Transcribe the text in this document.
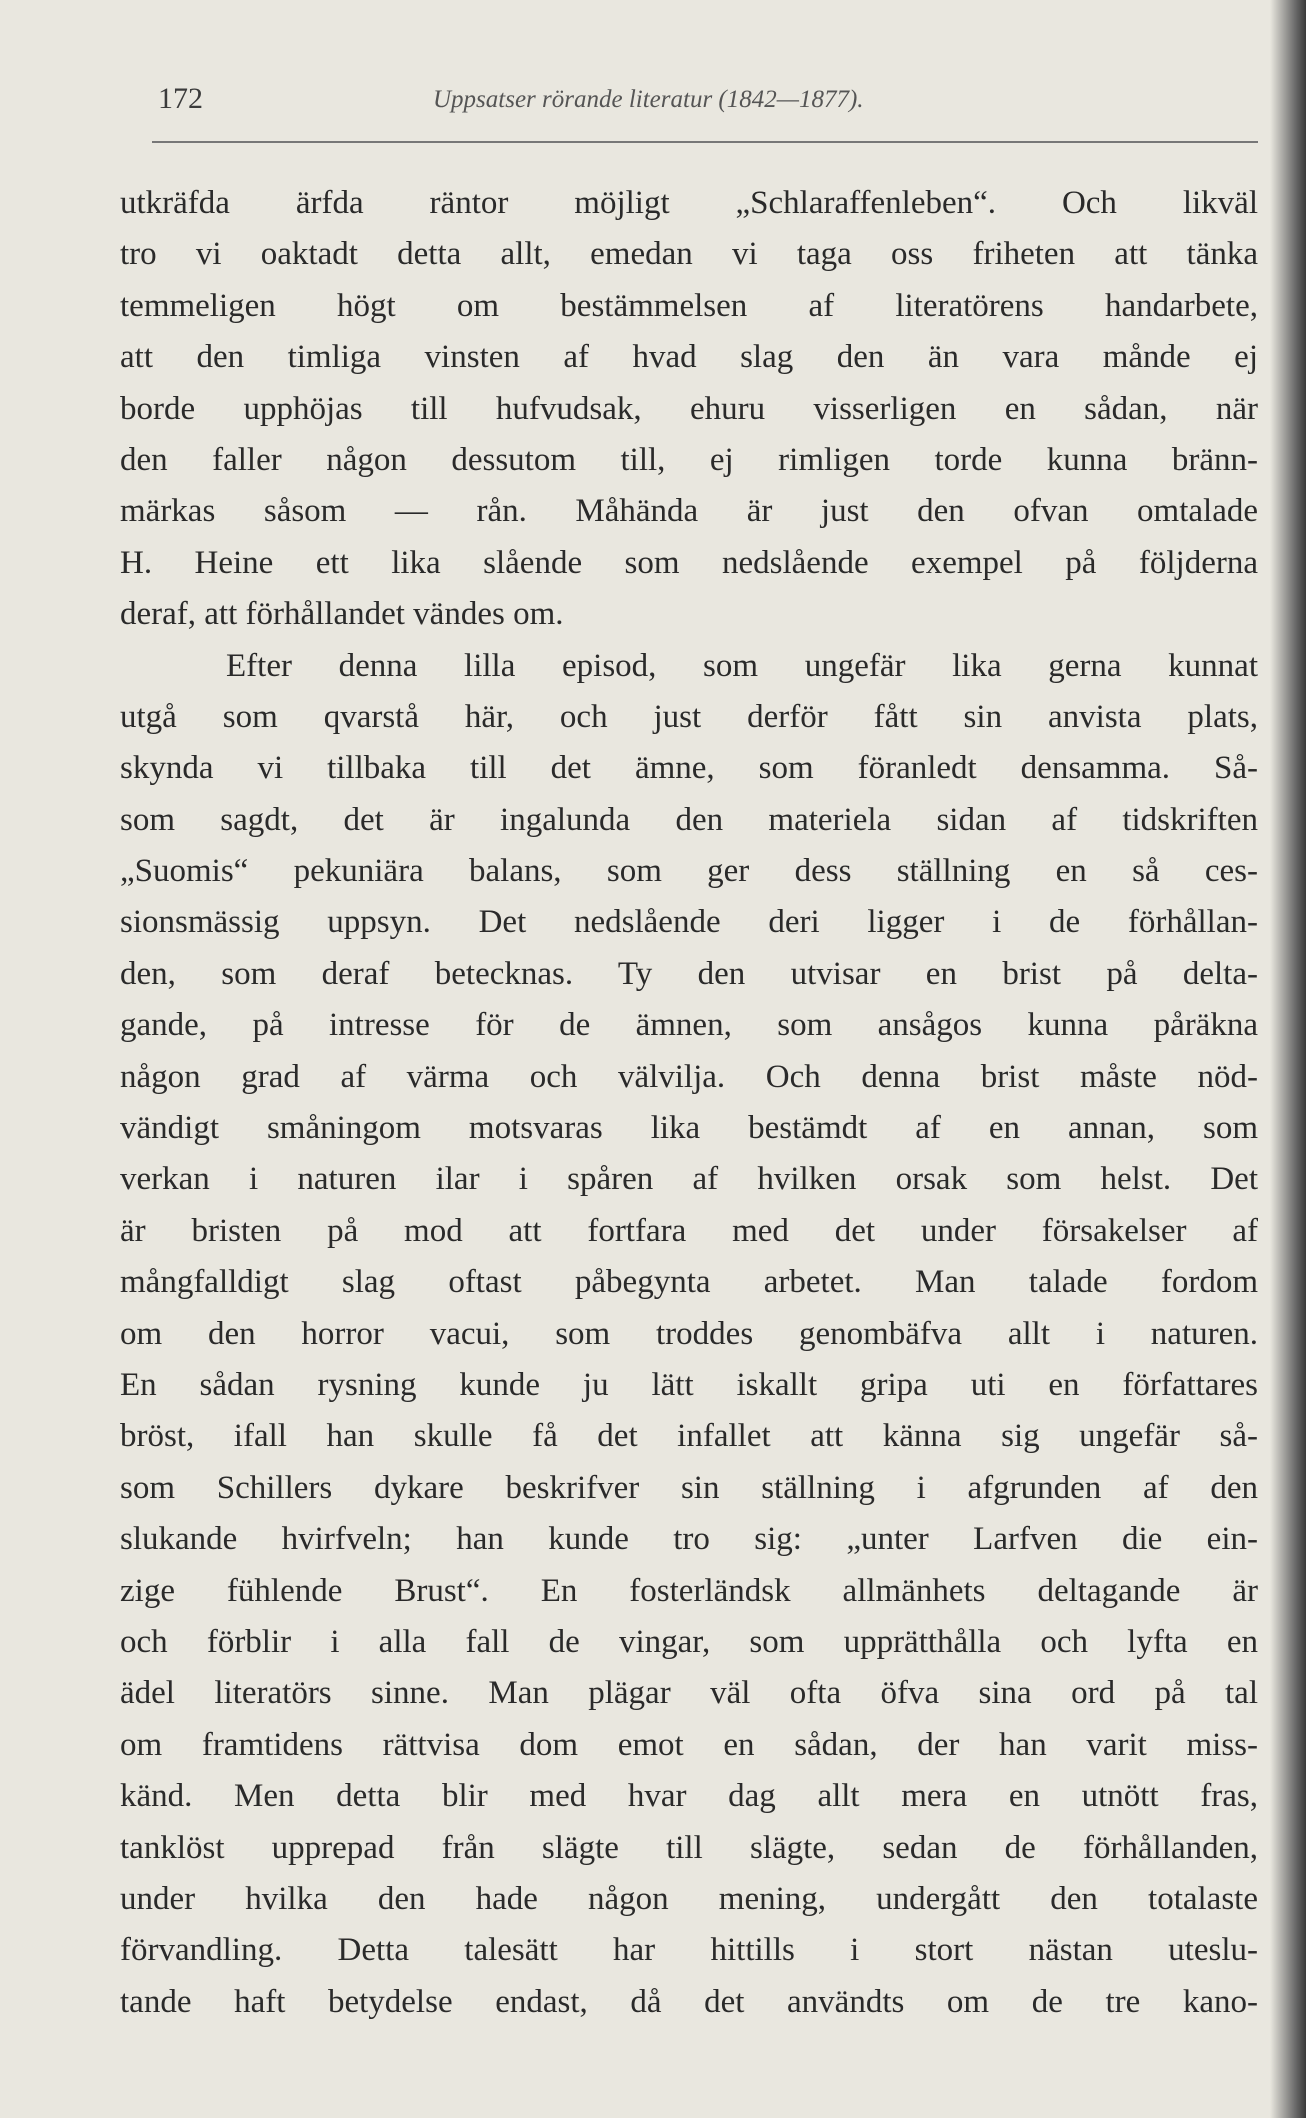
172	Uppsatser rörande literatur (1842—1877).
utkräfda ärfda räntor möjligt „Schlaraffenleben“. Och likväl
tro vi oaktadt detta allt, emedan vi taga oss friheten att tänka
temmeligen högt om bestämmelsen af literatörens handarbete,
att den timliga vinsten af hvad slag den än vara månde ej
borde upphöjas till hufvudsak, ehuru visserligen en sådan, när
den faller någon dessutom till, ej rimligen torde kunna bränn-
märkas såsom — rån. Måhända är just den ofvan omtalade
H. Heine ett lika slående som nedslående exempel på följderna
deraf, att förhållandet vändes om.
Efter denna lilla episod, som ungefär lika gerna kunnat
utgå som qvarstå här, och just derför fått sin anvista plats,
skynda vi tillbaka till det ämne, som föranledt densamma. Så-
som sagdt, det är ingalunda den materiela sidan af tidskriften
„Suomis“ pekuniära balans, som ger dess ställning en så ces-
sionsmässig uppsyn. Det nedslående deri ligger i de förhållan-
den, som deraf betecknas. Ty den utvisar en brist på delta-
gande, på intresse för de ämnen, som ansågos kunna påräkna
någon grad af värma och välvilja. Och denna brist måste nöd-
vändigt småningom motsvaras lika bestämdt af en annan, som
verkan i naturen ilar i spåren af hvilken orsak som helst. Det
är bristen på mod att fortfara med det under försakelser af
mångfalldigt slag oftast påbegynta arbetet. Man talade fordom
om den horror vacui, som troddes genombäfva allt i naturen.
En sådan rysning kunde ju lätt iskallt gripa uti en författares
bröst, ifall han skulle få det infallet att känna sig ungefär så-
som Schillers dykare beskrifver sin ställning i afgrunden af den
slukande hvirfveln; han kunde tro sig: „unter Larfven die ein-
zige fühlende Brust“. En fosterländsk allmänhets deltagande är
och förblir i alla fall de vingar, som upprätthålla och lyfta en
ädel literatörs sinne. Man plägar väl ofta öfva sina ord på tal
om framtidens rättvisa dom emot en sådan, der han varit miss-
känd. Men detta blir med hvar dag allt mera en utnött fras,
tanklöst upprepad från slägte till slägte, sedan de förhållanden,
under hvilka den hade någon mening, undergått den totalaste
förvandling. Detta talesätt har hittills i stort nästan uteslu-
tande haft betydelse endast, då det användts om de tre kano-
